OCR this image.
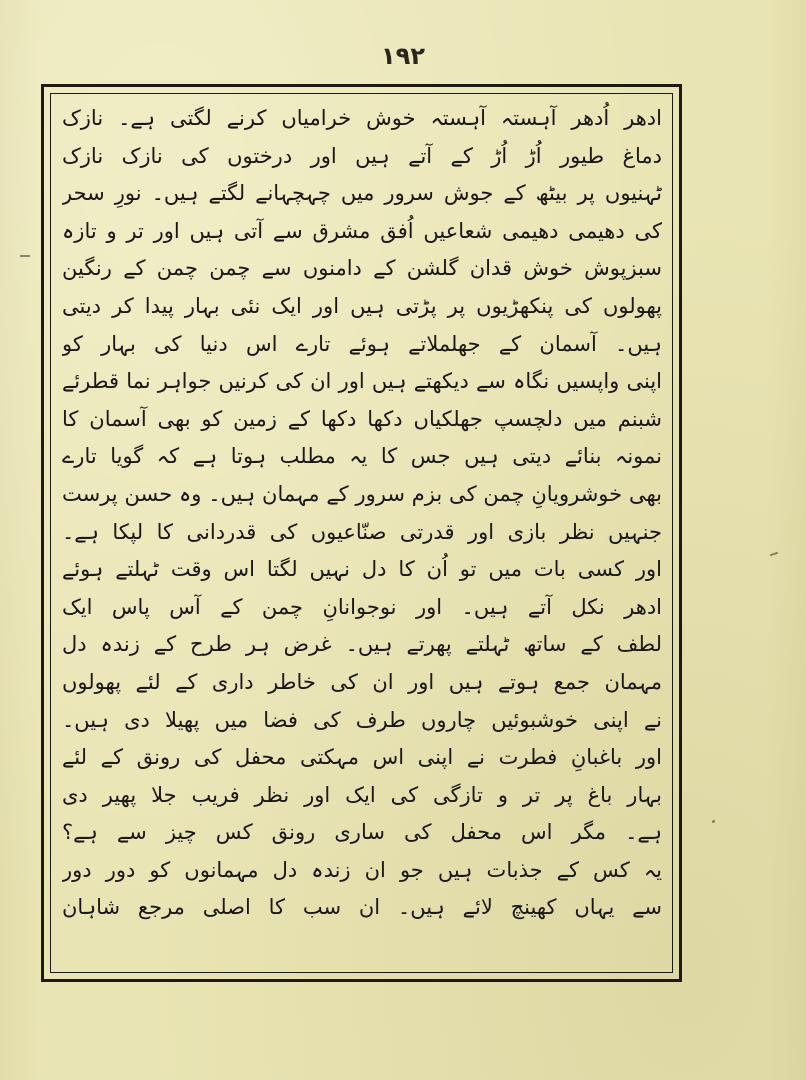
۱۹۲
ادھر اُدھر آہستہ آہستہ خوش خرامیاں کرنے لگتی ہے۔ نازک
دماغ طیور اُڑ اُڑ کے آتے ہیں اور درختوں کی نازک نازک
ٹہنیوں پر بیٹھ کے جوش سرور میں چہچہانے لگتے ہیں۔ نورِ سحر
کی دھیمی دھیمی شعاعیں اُفق مشرق سے آتی ہیں اور تر و تازہ
سبزپوش خوش قدان گلشن کے دامنوں سے چمن چمن کے رنگین
پھولوں کی پنکھڑیوں پر پڑتی ہیں اور ایک نئی بہار پیدا کر دیتی
ہیں۔ آسمان کے جھلملاتے ہوئے تارے اس دنیا کی بہار کو
اپنی واپسیں نگاہ سے دیکھتے ہیں اور ان کی کرنیں جواہر نما قطرئے
شبنم میں دلچسپ جھلکیاں دکھا دکھا کے زمین کو بھی آسمان کا
نمونہ بنائے دیتی ہیں جس کا یہ مطلب ہوتا ہے کہ گویا تارے
بھی خوشرویانِ چمن کی بزم سرور کے مہمان ہیں۔ وہ حسن پرست
جنہیں نظر بازی اور قدرتی صنّاعیوں کی قدردانی کا لپکا ہے۔
اور کسی بات میں تو اُن کا دل نہیں لگتا اس وقت ٹہلتے ہوئے
ادھر نکل آتے ہیں۔ اور نوجوانانِ چمن کے آس پاس ایک
لطف کے ساتھ ٹہلتے پھرتے ہیں۔ غرض ہر طرح کے زندہ دل
مہمان جمع ہوتے ہیں اور ان کی خاطر داری کے لئے پھولوں
نے اپنی خوشبوئیں چاروں طرف کی فضا میں پھیلا دی ہیں۔
اور باغبانِ فطرت نے اپنی اس مہکتی محفل کی رونق کے لئے
بہار باغ پر تر و تازگی کی ایک اور نظر فریب جلا پھیر دی
ہے۔ مگر اس محفل کی ساری رونق کس چیز سے ہے؟
یہ کس کے جذبات ہیں جو ان زندہ دل مہمانوں کو دور دور
سے یہاں کھینچ لائے ہیں۔ ان سب کا اصلی مرجع شاہان
